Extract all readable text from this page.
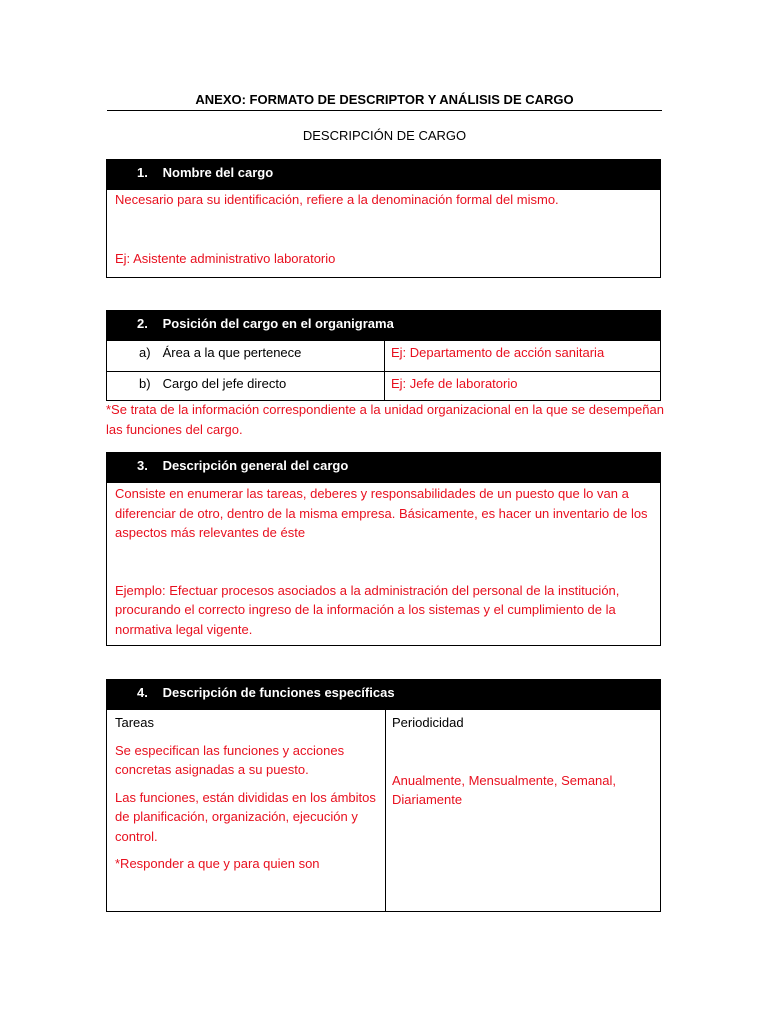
ANEXO: FORMATO DE DESCRIPTOR Y ANÁLISIS DE CARGO
DESCRIPCIÓN DE CARGO
1. Nombre del cargo
Necesario para su identificación, refiere a la denominación formal del mismo.
Ej: Asistente administrativo laboratorio
2. Posición del cargo en el organigrama
a) Área a la que pertenece	Ej: Departamento de acción sanitaria
b) Cargo del jefe directo	Ej: Jefe de laboratorio
*Se trata de la información correspondiente a la unidad organizacional en la que se desempeñan las funciones del cargo.
3. Descripción general del cargo
Consiste en enumerar las tareas, deberes y responsabilidades de un puesto que lo van a diferenciar de otro, dentro de la misma empresa. Básicamente, es hacer un inventario de los aspectos más relevantes de éste
Ejemplo: Efectuar procesos asociados a la administración del personal de la institución, procurando el correcto ingreso de la información a los sistemas y el cumplimiento de la normativa legal vigente.
4. Descripción de funciones específicas

Tareas

Se especifican las funciones y acciones concretas asignadas a su puesto.

Las funciones, están divididas en los ámbitos de planificación, organización, ejecución y control.

*Responder a que y para quien son

Periodicidad

Anualmente, Mensualmente, Semanal, Diariamente
